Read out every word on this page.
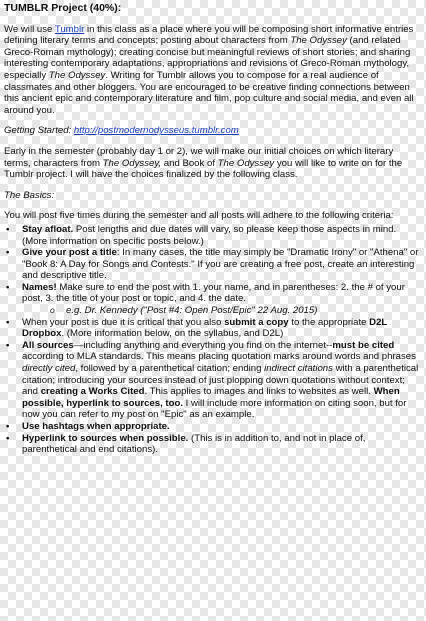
TUMBLR Project (40%):

We will use Tumblr in this class as a place where you will be composing short informative entries defining literary terms and concepts; posting about characters from The Odyssey (and related Greco-Roman mythology); creating concise but meaningful reviews of short stories; and sharing interesting contemporary adaptations, appropriations and revisions of Greco-Roman mythology, especially The Odyssey. Writing for Tumblr allows you to compose for a real audience of classmates and other bloggers. You are encouraged to be creative finding connections between this ancient epic and contemporary literature and film, pop culture and social media, and even all around you.

Getting Started: http://postmodernodysseus.tumblr.com

Early in the semester (probably day 1 or 2), we will make our initial choices on which literary terms, characters from The Odyssey, and Book of The Odyssey you will like to write on for the Tumblr project. I will have the choices finalized by the following class.

The Basics:

You will post five times during the semester and all posts will adhere to the following criteria:

• Stay afloat. Post lengths and due dates will vary, so please keep those aspects in mind. (More information on specific posts below.)
• Give your post a title: In many cases, the title may simply be "Dramatic Irony" or "Athena" or "Book 8: A Day for Songs and Contests." If you are creating a free post, create an interesting and descriptive title.
• Names! Make sure to end the post with 1. your name, and in parentheses: 2. the # of your post, 3. the title of your post or topic, and 4. the date.
o e.g. Dr. Kennedy ("Post #4: Open Post/Epic" 22 Aug. 2015)
• When your post is due it is critical that you also submit a copy to the appropriate D2L Dropbox. (More information below, on the syllabus, and D2L)
• All sources—including anything and everything you find on the internet--must be cited according to MLA standards. This means placing quotation marks around words and phrases directly cited, followed by a parenthetical citation; ending indirect citations with a parenthetical citation; introducing your sources instead of just plopping down quotations without context; and creating a Works Cited. This applies to images and links to websites as well. When possible, hyperlink to sources, too. I will include more information on citing soon, but for now you can refer to my post on "Epic" as an example.
• Use hashtags when appropriate.
• Hyperlink to sources when possible. (This is in addition to, and not in place of, parenthetical and end citations).
